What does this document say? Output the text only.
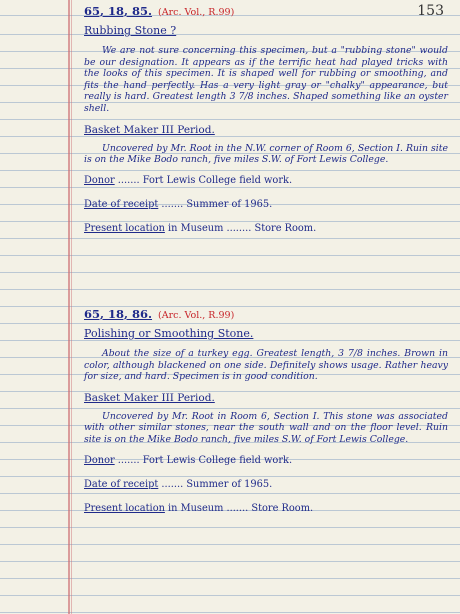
153
65, 18, 85. (Arc. Vol., R.99)
Rubbing Stone ?
We are not sure concerning this specimen, but a "rubbing stone" would be our designation. It appears as if the terrific heat had played tricks with the looks of this specimen. It is shaped well for rubbing or smoothing, and fits the hand perfectly. Has a very light gray or "chalky" appearance, but really is hard. Greatest length 3 7/8 inches. Shaped something like an oyster shell.
Basket Maker III Period.
Uncovered by Mr. Root in the N.W. corner of Room 6, Section I. Ruin site is on the Mike Bodo ranch, five miles S.W. of Fort Lewis College.
Donor ....... Fort Lewis College field work.
Date of receipt ....... Summer of 1965.
Present location in Museum ........ Store Room.
65, 18, 86. (Arc. Vol., R.99)
Polishing or Smoothing Stone.
About the size of a turkey egg. Greatest length, 3 7/8 inches. Brown in color, although blackened on one side. Definitely shows usage. Rather heavy for size, and hard. Specimen is in good condition.
Basket Maker III Period.
Uncovered by Mr. Root in Room 6, Section I. This stone was associated with other similar stones, near the south wall and on the floor level. Ruin site is on the Mike Bodo ranch, five miles S.W. of Fort Lewis College.
Donor ....... Fort Lewis College field work.
Date of receipt ....... Summer of 1965.
Present location in Museum ....... Store Room.
